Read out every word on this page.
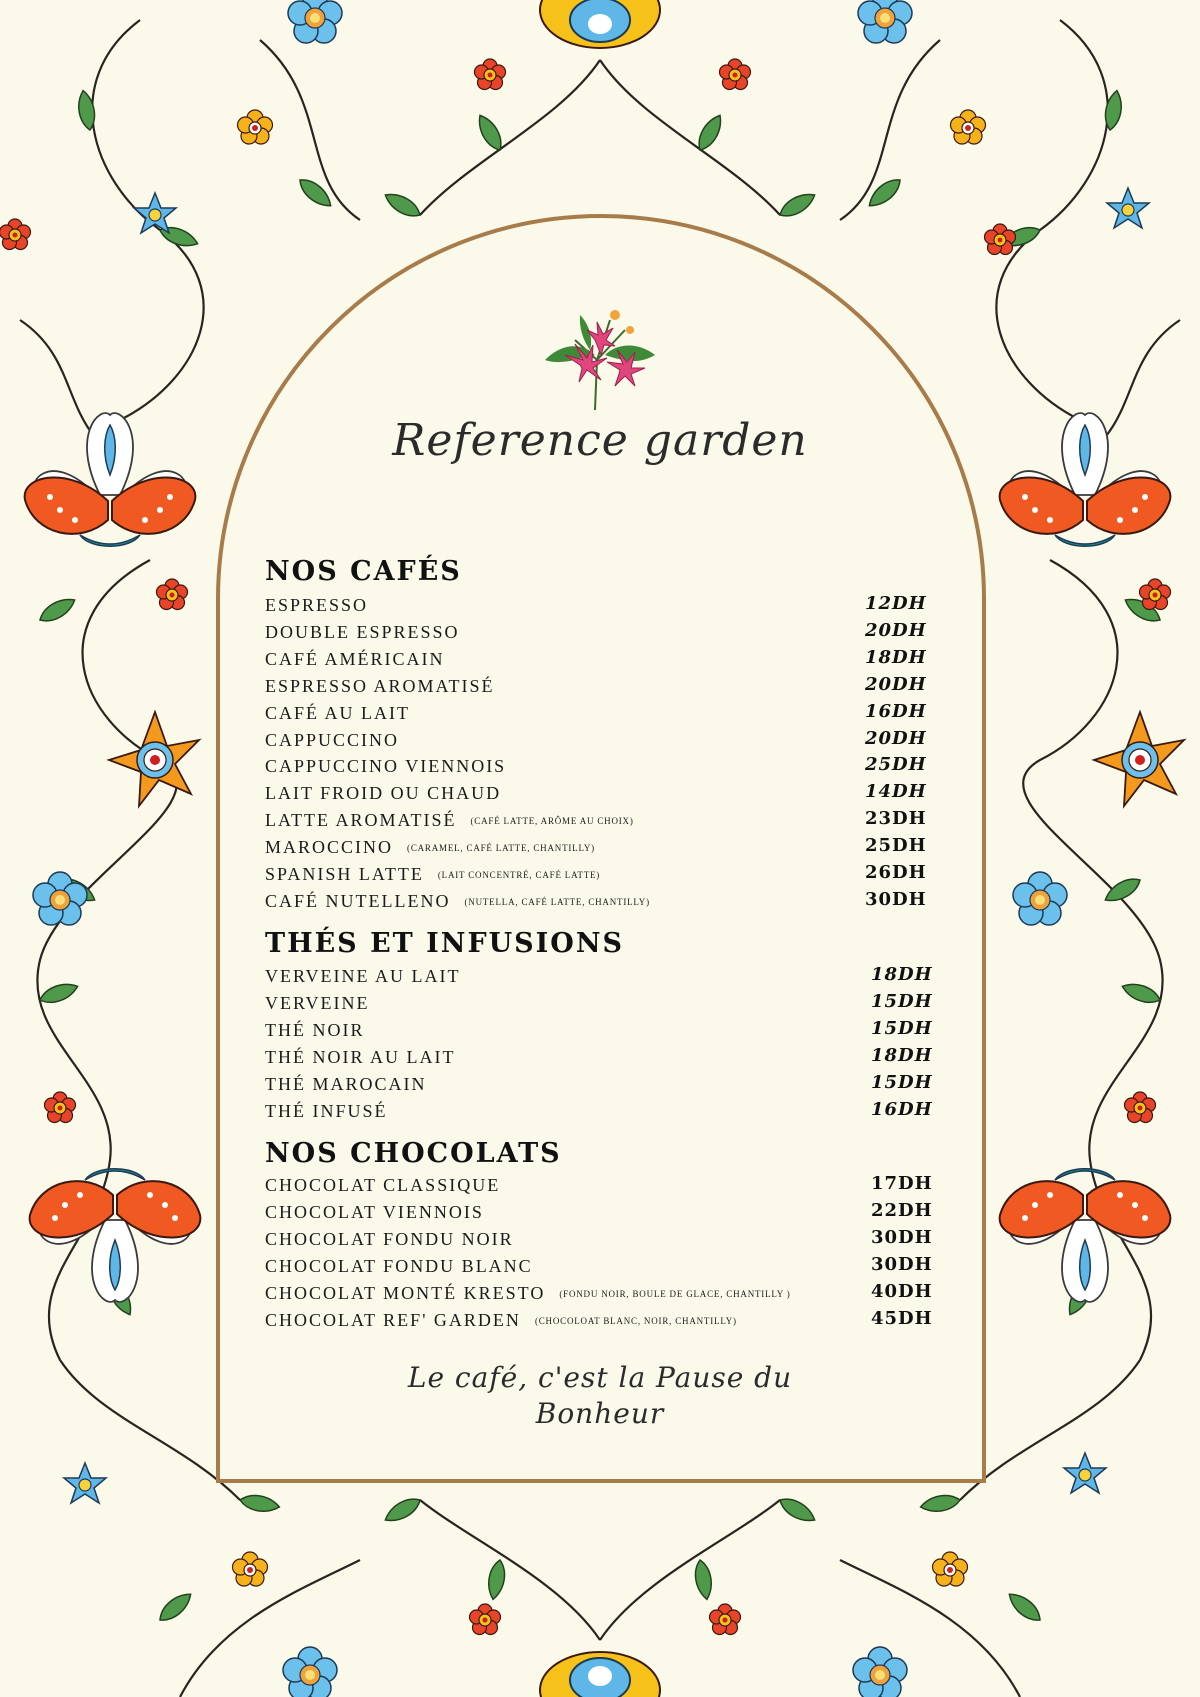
Reference garden
NOS CAFÉS
ESPRESSO	12DH
DOUBLE ESPRESSO	20DH
CAFÉ AMÉRICAIN	18DH
ESPRESSO AROMATISÉ	20DH
CAFÉ AU LAIT	16DH
CAPPUCCINO	20DH
CAPPUCCINO VIENNOIS	25DH
LAIT FROID OU CHAUD	14DH
LATTE AROMATISÉ (CAFÉ LATTE, ARÔME AU CHOIX)	23DH
MAROCCINO (CARAMEL, CAFÉ LATTE, CHANTILLY)	25DH
SPANISH LATTE (LAIT CONCENTRÉ, CAFÉ LATTE)	26DH
CAFÉ NUTELLENO (NUTELLA, CAFÉ LATTE, CHANTILLY)	30DH
THÉS ET INFUSIONS
VERVEINE AU LAIT	18DH
VERVEINE	15DH
THÉ NOIR	15DH
THÉ NOIR AU LAIT	18DH
THÉ MAROCAIN	15DH
THÉ INFUSÉ	16DH
NOS CHOCOLATS
CHOCOLAT CLASSIQUE	17DH
CHOCOLAT VIENNOIS	22DH
CHOCOLAT FONDU NOIR	30DH
CHOCOLAT FONDU BLANC	30DH
CHOCOLAT MONTÉ KRESTO (FONDU NOIR, BOULE DE GLACE, CHANTILLY )	40DH
CHOCOLAT REF' GARDEN (CHOCOLOAT BLANC, NOIR, CHANTILLY)	45DH
Le café, c'est la Pause du Bonheur
